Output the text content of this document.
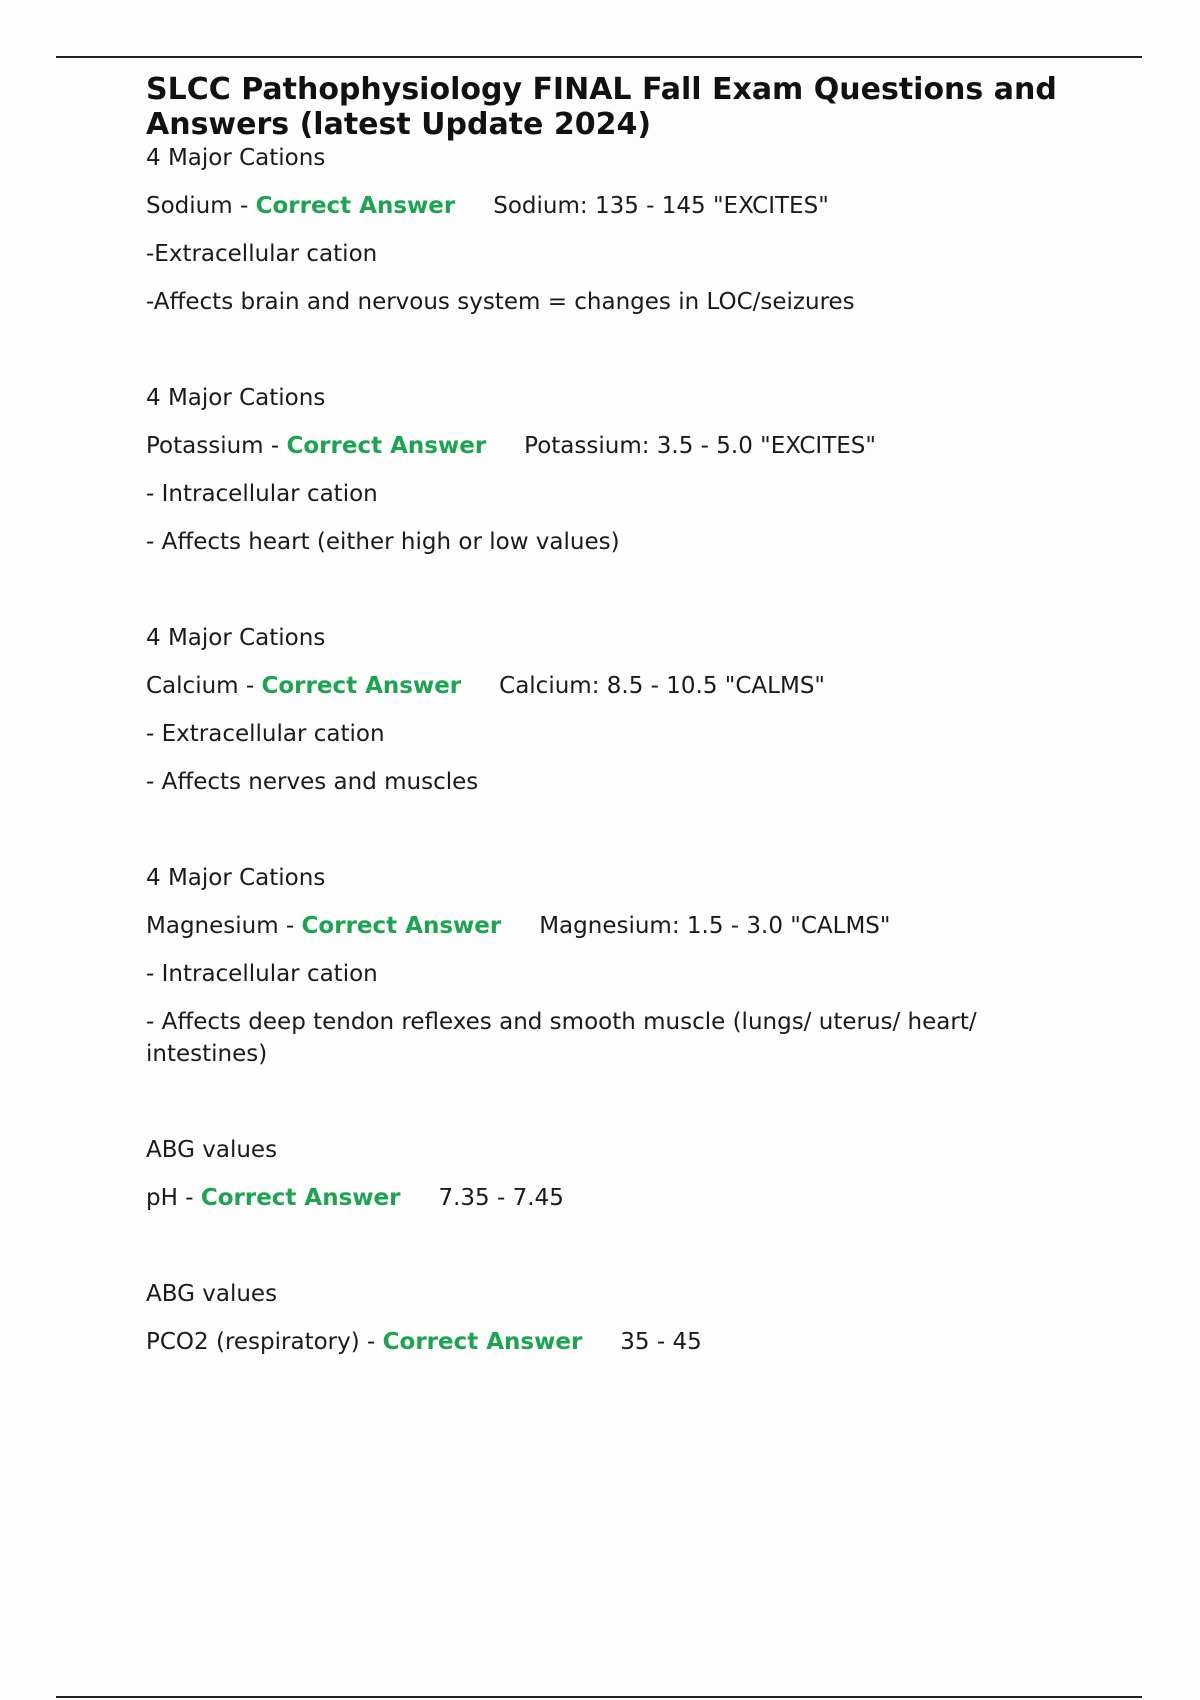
SLCC Pathophysiology FINAL Fall Exam Questions and Answers (latest Update 2024)

4 Major Cations

Sodium - Correct Answer Sodium: 135 - 145 "EXCITES"

-Extracellular cation

-Affects brain and nervous system = changes in LOC/seizures

4 Major Cations

Potassium - Correct Answer Potassium: 3.5 - 5.0 "EXCITES"

- Intracellular cation

- Affects heart (either high or low values)

4 Major Cations

Calcium - Correct Answer Calcium: 8.5 - 10.5 "CALMS"

- Extracellular cation

- Affects nerves and muscles

4 Major Cations

Magnesium - Correct Answer Magnesium: 1.5 - 3.0 "CALMS"

- Intracellular cation

- Affects deep tendon reflexes and smooth muscle (lungs/ uterus/ heart/ intestines)

ABG values

pH - Correct Answer 7.35 - 7.45

ABG values

PCO2 (respiratory) - Correct Answer 35 - 45
